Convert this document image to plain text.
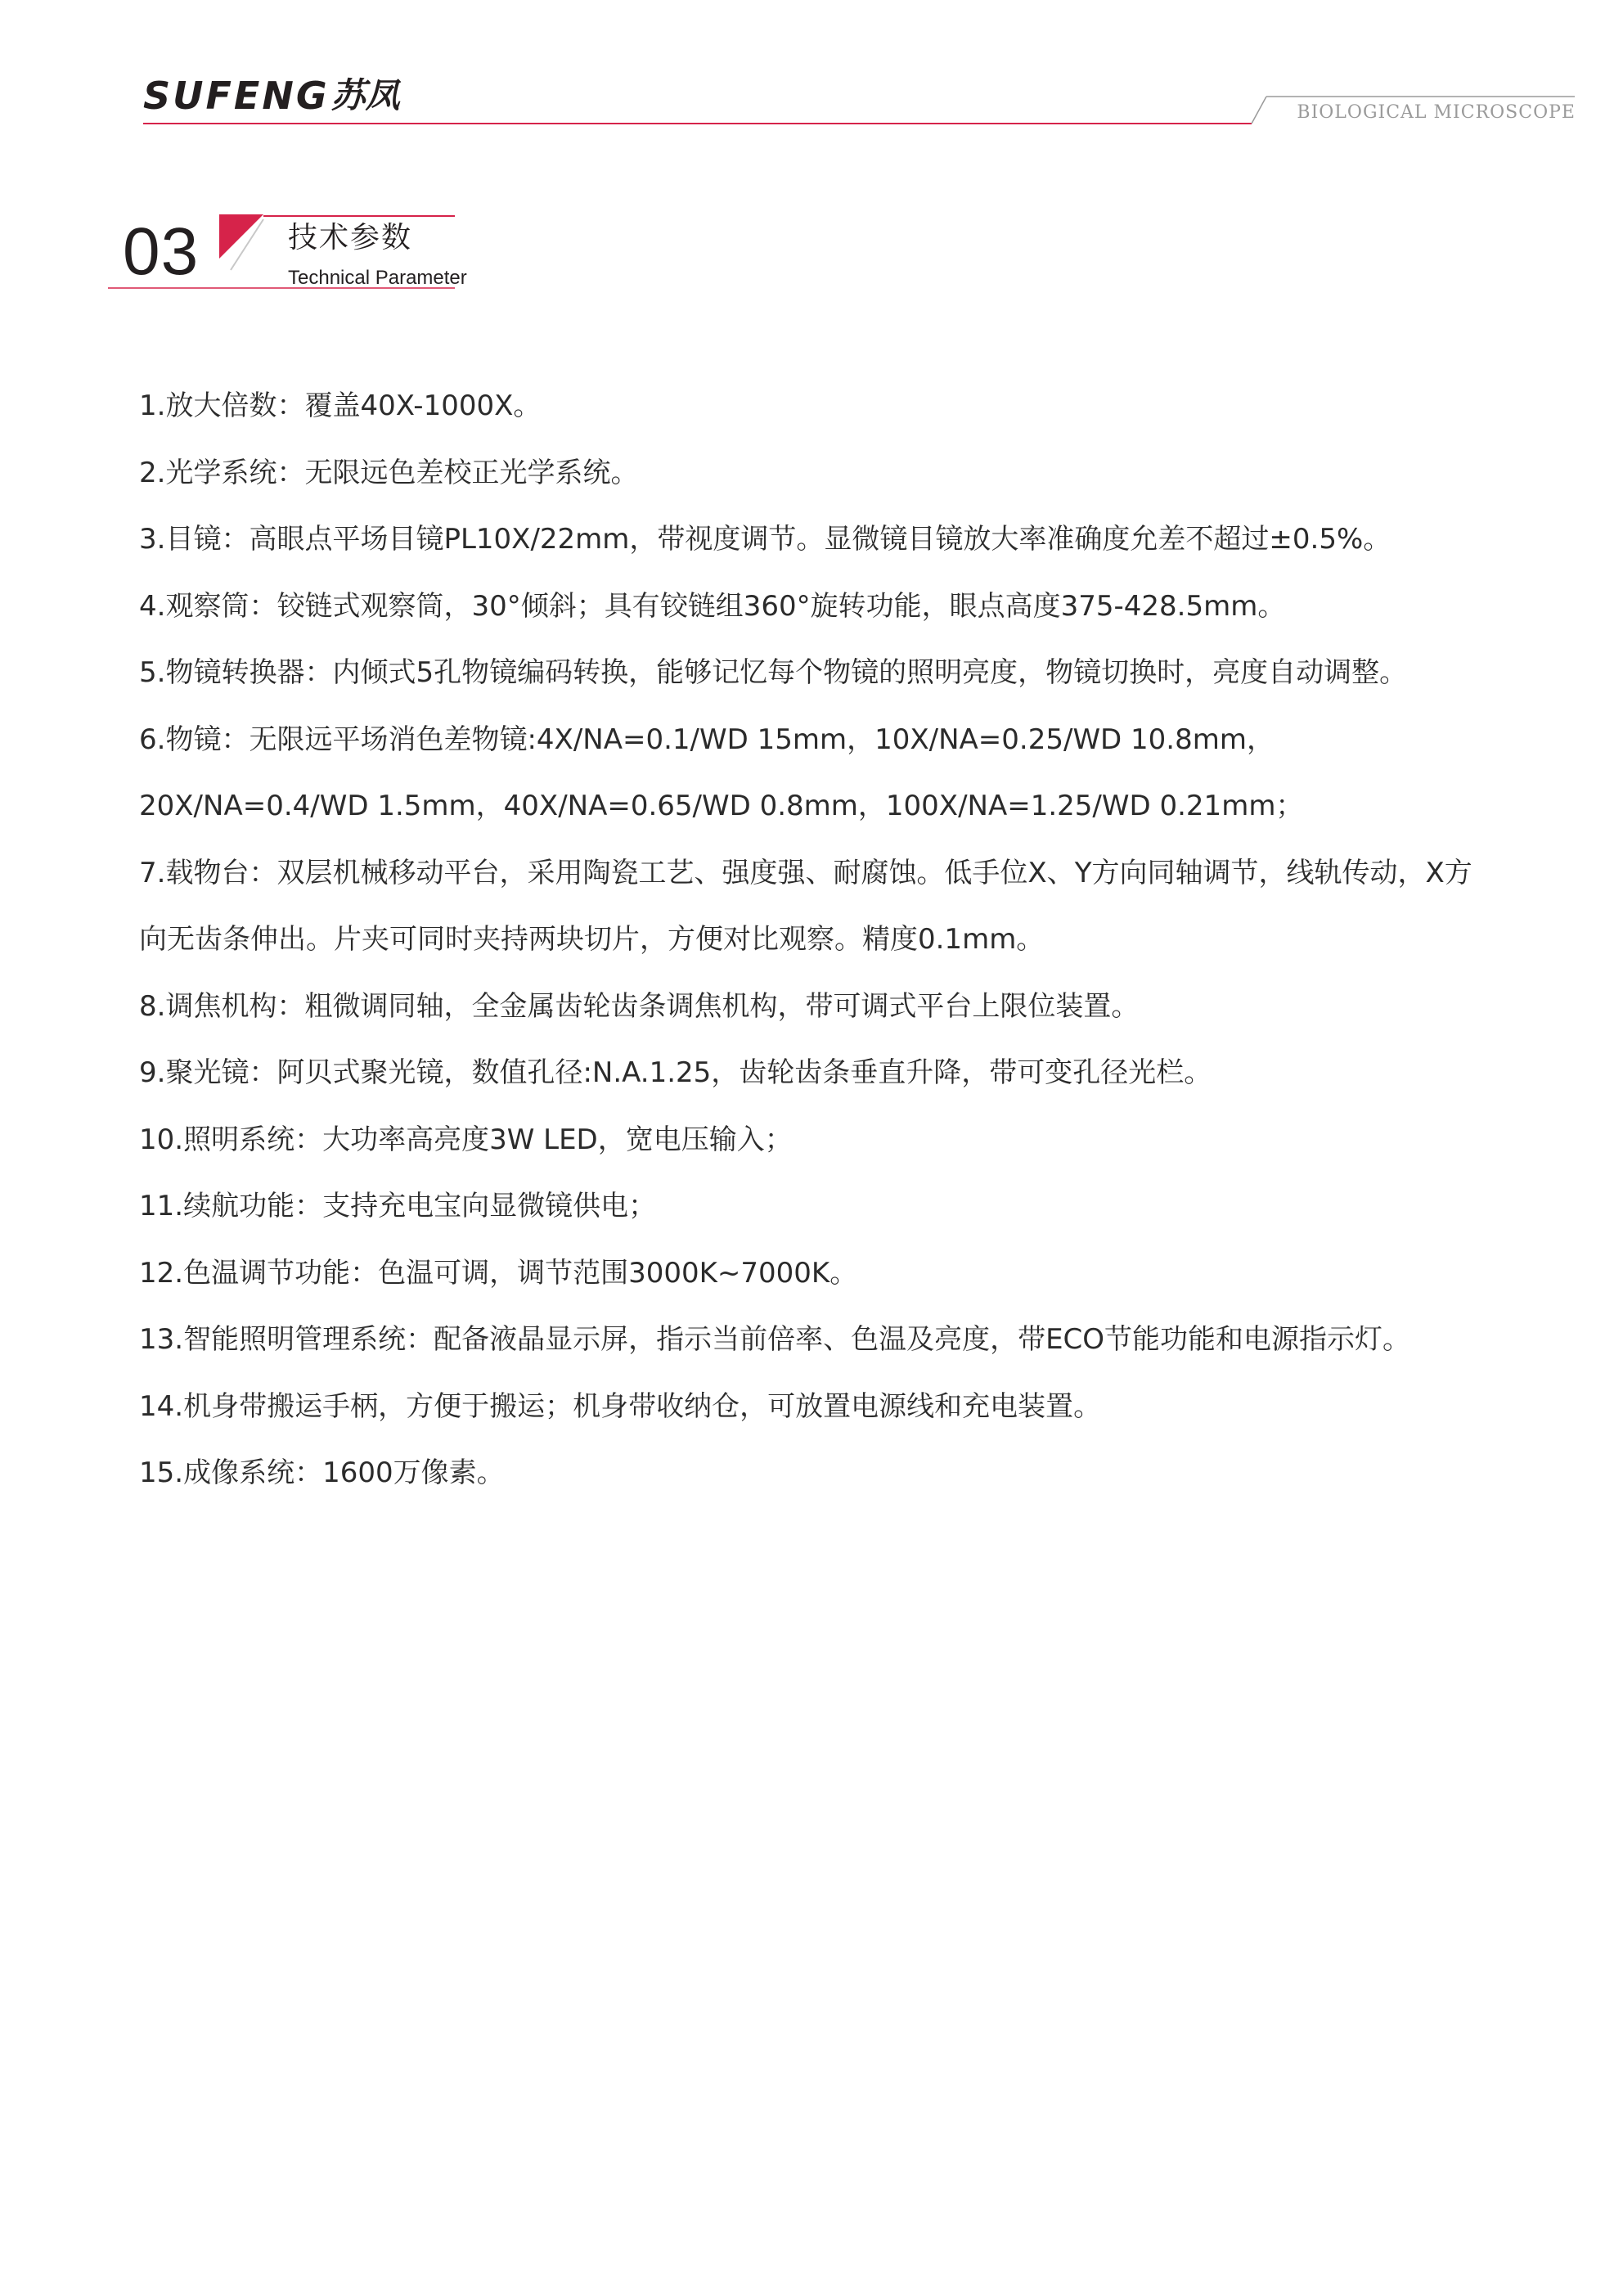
SUFENG 苏凤	BIOLOGICAL MICROSCOPE
03	技术参数
Technical Parameter
1.放大倍数：覆盖40X-1000X。
2.光学系统：无限远色差校正光学系统。
3.目镜：高眼点平场目镜PL10X/22mm，带视度调节。显微镜目镜放大率准确度允差不超过±0.5%。
4.观察筒：铰链式观察筒，30°倾斜；具有铰链组360°旋转功能，眼点高度375-428.5mm。
5.物镜转换器：内倾式5孔物镜编码转换，能够记忆每个物镜的照明亮度，物镜切换时，亮度自动调整。
6.物镜：无限远平场消色差物镜:4X/NA=0.1/WD 15mm，10X/NA=0.25/WD 10.8mm，
20X/NA=0.4/WD 1.5mm，40X/NA=0.65/WD 0.8mm，100X/NA=1.25/WD 0.21mm；
7.载物台：双层机械移动平台，采用陶瓷工艺、强度强、耐腐蚀。低手位X、Y方向同轴调节，线轨传动，X方
向无齿条伸出。片夹可同时夹持两块切片，方便对比观察。精度0.1mm。
8.调焦机构：粗微调同轴，全金属齿轮齿条调焦机构，带可调式平台上限位装置。
9.聚光镜：阿贝式聚光镜，数值孔径:N.A.1.25，齿轮齿条垂直升降，带可变孔径光栏。
10.照明系统：大功率高亮度3W LED，宽电压输入；
11.续航功能：支持充电宝向显微镜供电；
12.色温调节功能：色温可调，调节范围3000K~7000K。
13.智能照明管理系统：配备液晶显示屏，指示当前倍率、色温及亮度，带ECO节能功能和电源指示灯。
14.机身带搬运手柄，方便于搬运；机身带收纳仓，可放置电源线和充电装置。
15.成像系统：1600万像素。
